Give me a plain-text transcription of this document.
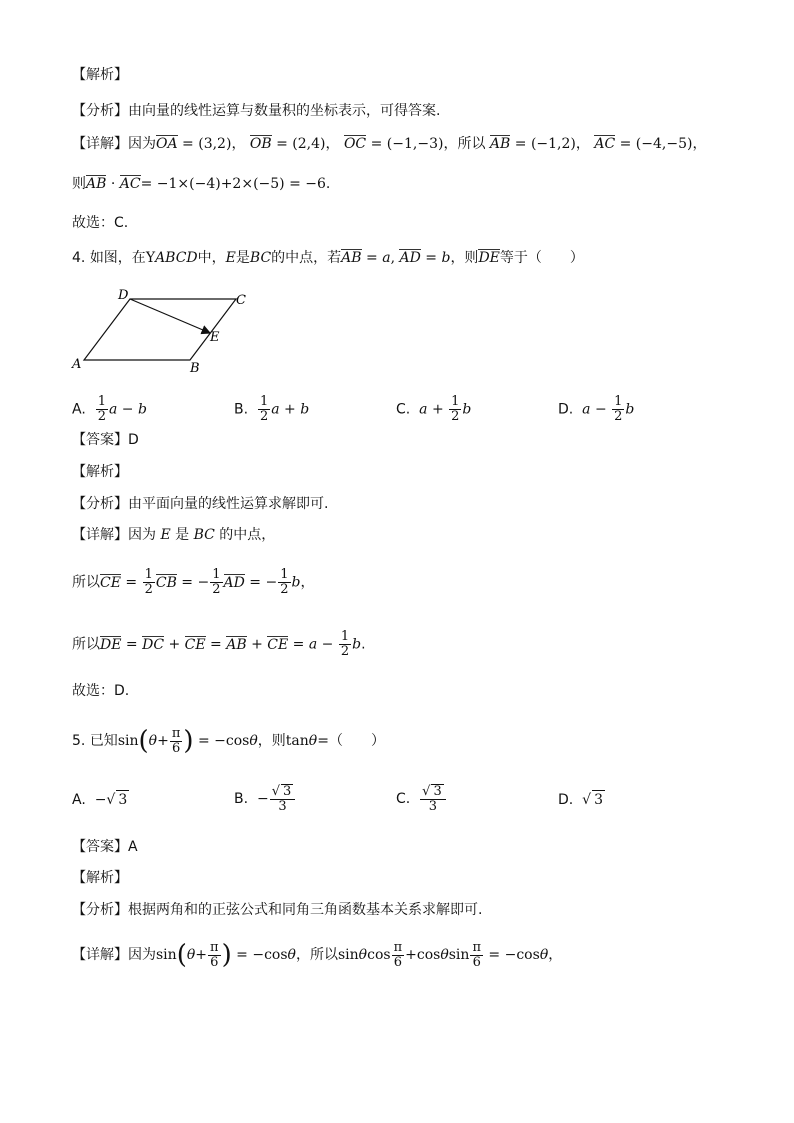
【解析】
【分析】由向量的线性运算与数量积的坐标表示，可得答案.
【详解】因为OA = (3,2)， OB = (2,4)， OC = (−1,−3)，所以 AB = (−1,2)， AC = (−4,−5)，
则AB · AC= −1×(−4)+2×(−5) = −6.
故选：C.
4. 如图，在YABCD中，E是BC的中点，若AB = a, AD = b，则DE等于（　　）
A	B
C
D
E
A. $\frac{1}{2}$ a − b	B. $\frac{1}{2}$ a + b	C. $a + \frac{1}{2}$ b	D. $a - \frac{1}{2}$ b
【答案】D
【解析】
【分析】由平面向量的线性运算求解即可.
【详解】因为 E 是 BC 的中点，
所以CE = $\frac{1}{2}$ CB = − $\frac{1}{2}$ AD = − $\frac{1}{2}$ b，
所以DE = DC + CE = AB + CE = $a - \frac{1}{2} b$.
故选：D.
5. 已知$\sin(\theta+ \frac{\pi}{6}$ ) = −cosθ，则tanθ=（　　）
A. −√ 3	B. − $\frac{√ 3}{3}$	C. $\frac{√ 3}{3}$	D. √ 3
【答案】A
【解析】
【分析】根据两角和的正弦公式和同角三角函数基本关系求解即可.
【详解】因为$\sin(\theta+ \frac{\pi}{6}$ ) = −cosθ，所以sinθcos $\frac{\pi}{6} +\cos\theta\sin \frac{\pi}{6} = -\cos\theta$，
